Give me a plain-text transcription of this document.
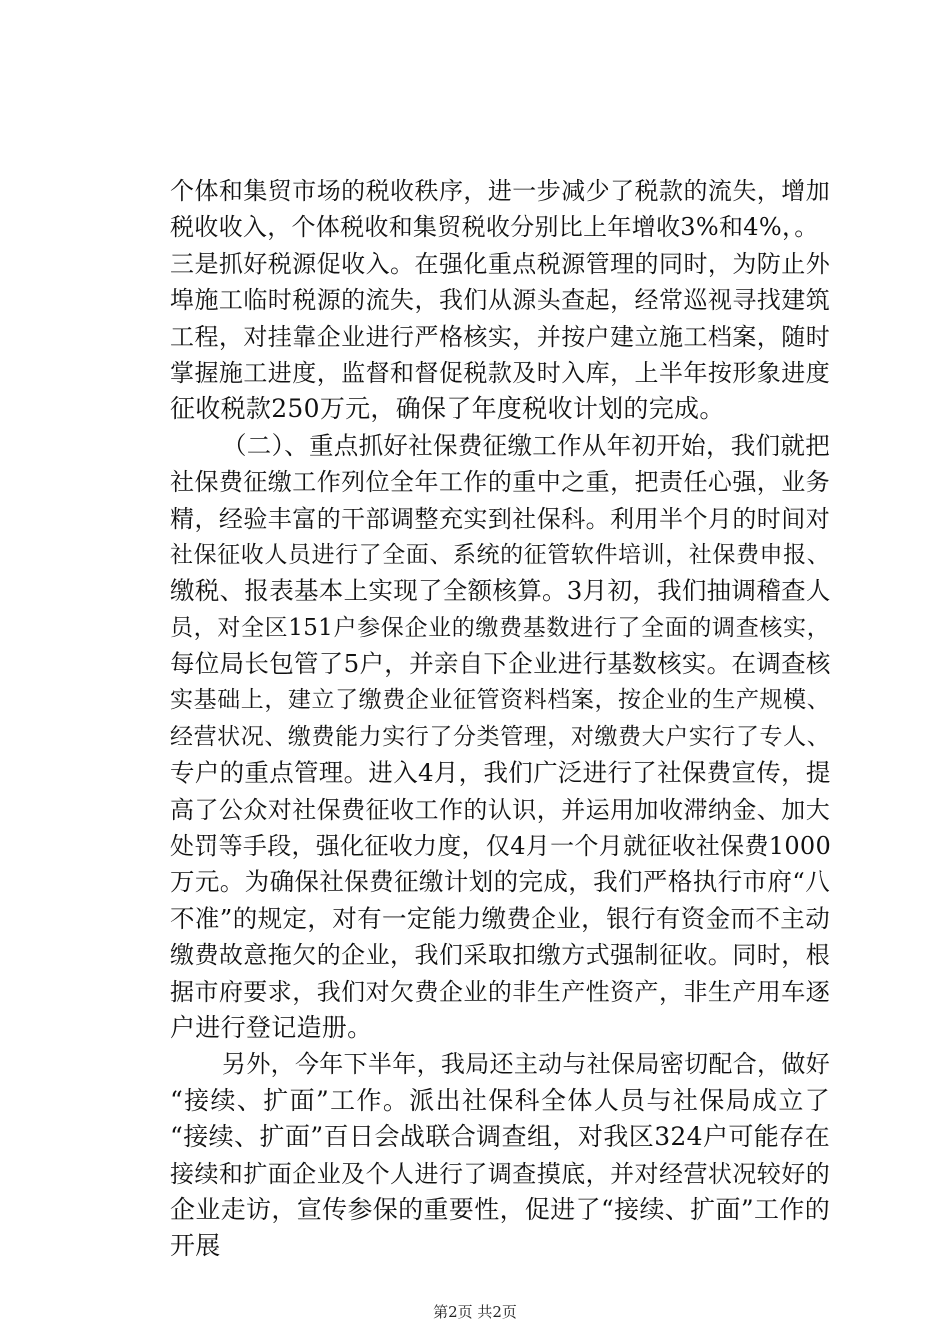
个体和集贸市场的税收秩序，进一步减少了税款的流失，增加
税收收入，个体税收和集贸税收分别比上年增收3%和4%，。
三是抓好税源促收入。在强化重点税源管理的同时，为防止外
埠施工临时税源的流失，我们从源头查起，经常巡视寻找建筑
工程，对挂靠企业进行严格核实，并按户建立施工档案，随时
掌握施工进度，监督和督促税款及时入库，上半年按形象进度
征收税款250万元，确保了年度税收计划的完成。
（二）、重点抓好社保费征缴工作从年初开始，我们就把
社保费征缴工作列位全年工作的重中之重，把责任心强，业务
精，经验丰富的干部调整充实到社保科。利用半个月的时间对
社保征收人员进行了全面、系统的征管软件培训，社保费申报、
缴税、报表基本上实现了全额核算。3月初，我们抽调稽查人
员，对全区151户参保企业的缴费基数进行了全面的调查核实，
每位局长包管了5户，并亲自下企业进行基数核实。在调查核
实基础上，建立了缴费企业征管资料档案，按企业的生产规模、
经营状况、缴费能力实行了分类管理，对缴费大户实行了专人、
专户的重点管理。进入4月，我们广泛进行了社保费宣传，提
高了公众对社保费征收工作的认识，并运用加收滞纳金、加大
处罚等手段，强化征收力度，仅4月一个月就征收社保费1000
万元。为确保社保费征缴计划的完成，我们严格执行市府“八
不准”的规定，对有一定能力缴费企业，银行有资金而不主动
缴费故意拖欠的企业，我们采取扣缴方式强制征收。同时，根
据市府要求，我们对欠费企业的非生产性资产，非生产用车逐
户进行登记造册。
另外，今年下半年，我局还主动与社保局密切配合，做好
“接续、扩面”工作。派出社保科全体人员与社保局成立了
“接续、扩面”百日会战联合调查组，对我区324户可能存在
接续和扩面企业及个人进行了调查摸底，并对经营状况较好的
企业走访，宣传参保的重要性，促进了“接续、扩面”工作的
开展
第2页 共2页
